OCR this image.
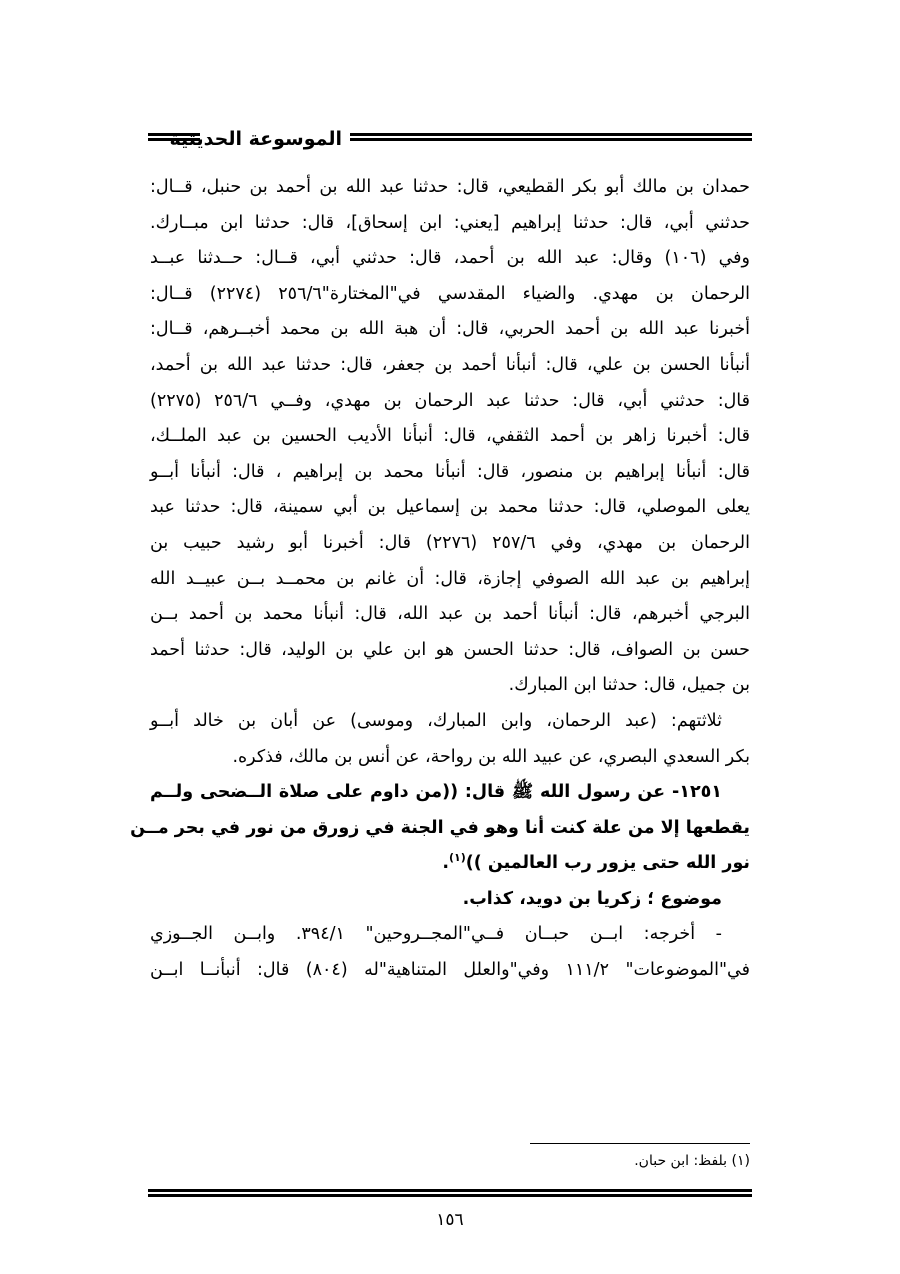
الموسوعة الحديثية
حمدان بن مالك أبو بكر القطيعي، قال: حدثنا عبد الله بن أحمد بن حنبل، قــال:
حدثني أبي، قال: حدثنا إبراهيم [يعني: ابن إسحاق]، قال: حدثنا ابن مبــارك.
وفي (١٠٦) وقال: عبد الله بن أحمد، قال: حدثني أبي، قــال: حــدثنا عبــد
الرحمان بن مهدي. والضياء المقدسي في"المختارة"٢٥٦/٦ (٢٢٧٤) قــال:
أخبرنا عبد الله بن أحمد الحربي، قال: أن هبة الله بن محمد أخبــرهم، قــال:
أنبأنا الحسن بن علي، قال: أنبأنا أحمد بن جعفر، قال: حدثنا عبد الله بن أحمد،
قال: حدثني أبي، قال: حدثنا عبد الرحمان بن مهدي، وفــي ٢٥٦/٦ (٢٢٧٥)
قال: أخبرنا زاهر بن أحمد الثقفي، قال: أنبأنا الأديب الحسين بن عبد الملــك،
قال: أنبأنا إبراهيم بن منصور، قال: أنبأنا محمد بن إبراهيم ، قال: أنبأنا أبــو
يعلى الموصلي، قال: حدثنا محمد بن إسماعيل بن أبي سمينة، قال: حدثنا عبد
الرحمان بن مهدي، وفي ٢٥٧/٦ (٢٢٧٦) قال: أخبرنا أبو رشيد حبيب بن
إبراهيم بن عبد الله الصوفي إجازة، قال: أن غانم بن محمــد بــن عبيــد الله
البرجي أخبرهم، قال: أنبأنا أحمد بن عبد الله، قال: أنبأنا محمد بن أحمد بــن
حسن بن الصواف، قال: حدثنا الحسن هو ابن علي بن الوليد، قال: حدثنا أحمد
بن جميل، قال: حدثنا ابن المبارك.
ثلاثتهم: (عبد الرحمان، وابن المبارك، وموسى) عن أبان بن خالد أبــو
بكر السعدي البصري، عن عبيد الله بن رواحة، عن أنس بن مالك، فذكره.
١٢٥١- عن رسول الله ﷺ قال: ((من داوم على صلاة الــضحى ولــم
يقطعها إلا من علة كنت أنا وهو في الجنة في زورق من نور في بحر مــن
نور الله حتى يزور رب العالمين ))$^{(١)}$.
موضوع ؛ زكريا بن دويد، كذاب.
- أخرجه: ابــن حبــان فــي"المجــروحين" ٣٩٤/١. وابــن الجــوزي
في"الموضوعات" ١١١/٢ وفي"والعلل المتناهية"له (٨٠٤) قال: أنبأنــا ابــن
(١) بلفظ: ابن حبان.
١٥٦
